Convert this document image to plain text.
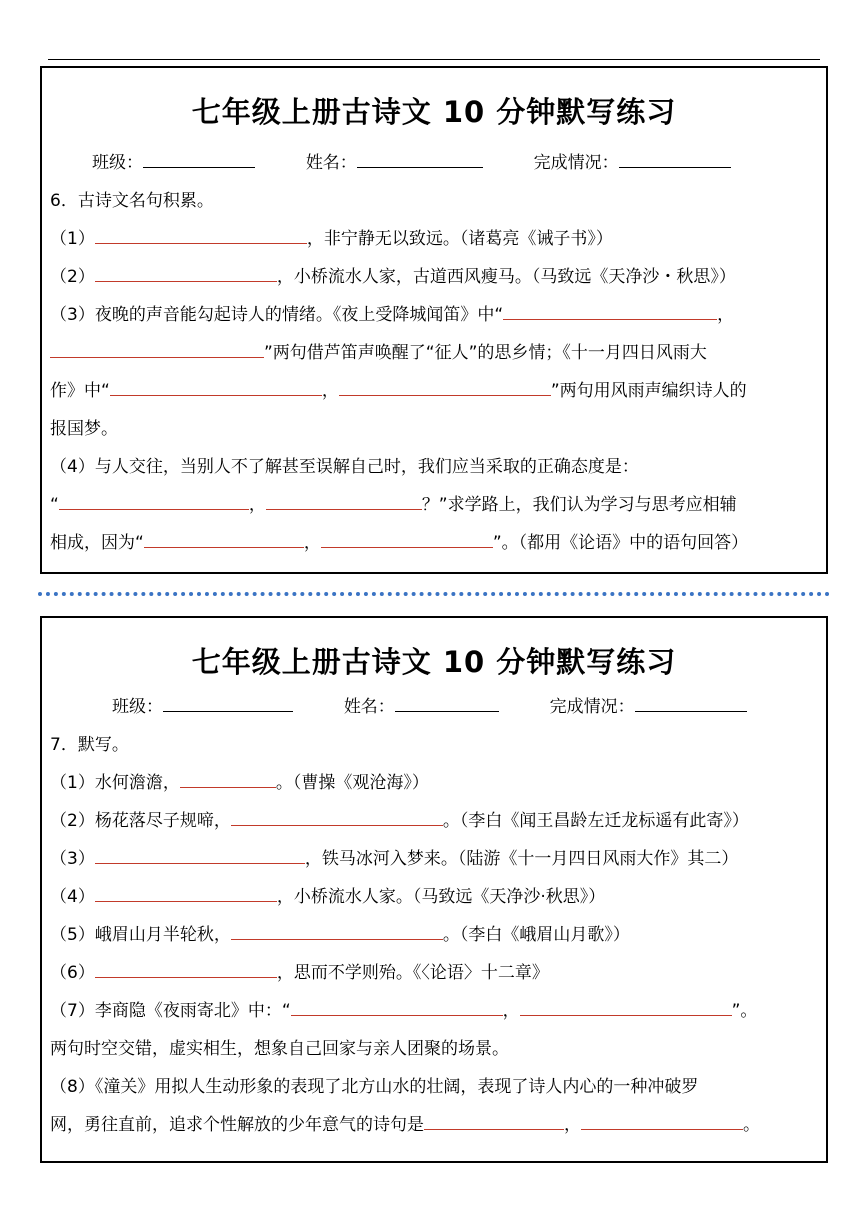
七年级上册古诗文 10 分钟默写练习
班级：	姓名：	完成情况：
6．古诗文名句积累。
（1）	，非宁静无以致远。（诸葛亮《诫子书》）
（2）	，小桥流水人家，古道西风瘦马。（马致远《天净沙・秋思》）
（3）夜晚的声音能勾起诗人的情绪。《夜上受降城闻笛》中“	，
”两句借芦笛声唤醒了“征人”的思乡情；《十一月四日风雨大
作》中“	，	”两句用风雨声编织诗人的
报国梦。
（4）与人交往，当别人不了解甚至误解自己时，我们应当采取的正确态度是：
“	，	？”求学路上，我们认为学习与思考应相辅
相成，因为“	，	”。（都用《论语》中的语句回答）
七年级上册古诗文 10 分钟默写练习
班级：	姓名：	完成情况：
7．默写。
（1）水何澹澹，	。（曹操《观沧海》）
（2）杨花落尽子规啼，	。（李白《闻王昌龄左迁龙标遥有此寄》）
（3）	，铁马冰河入梦来。（陆游《十一月四日风雨大作》其二）
（4）	，小桥流水人家。（马致远《天净沙·秋思》）
（5）峨眉山月半轮秋，	。（李白《峨眉山月歌》）
（6）	，思而不学则殆。《〈论语〉十二章》
（7）李商隐《夜雨寄北》中：“	，	”。
两句时空交错，虚实相生，想象自己回家与亲人团聚的场景。
（8）《潼关》用拟人生动形象的表现了北方山水的壮阔，表现了诗人内心的一种冲破罗
网，勇往直前，追求个性解放的少年意气的诗句是	，	。
